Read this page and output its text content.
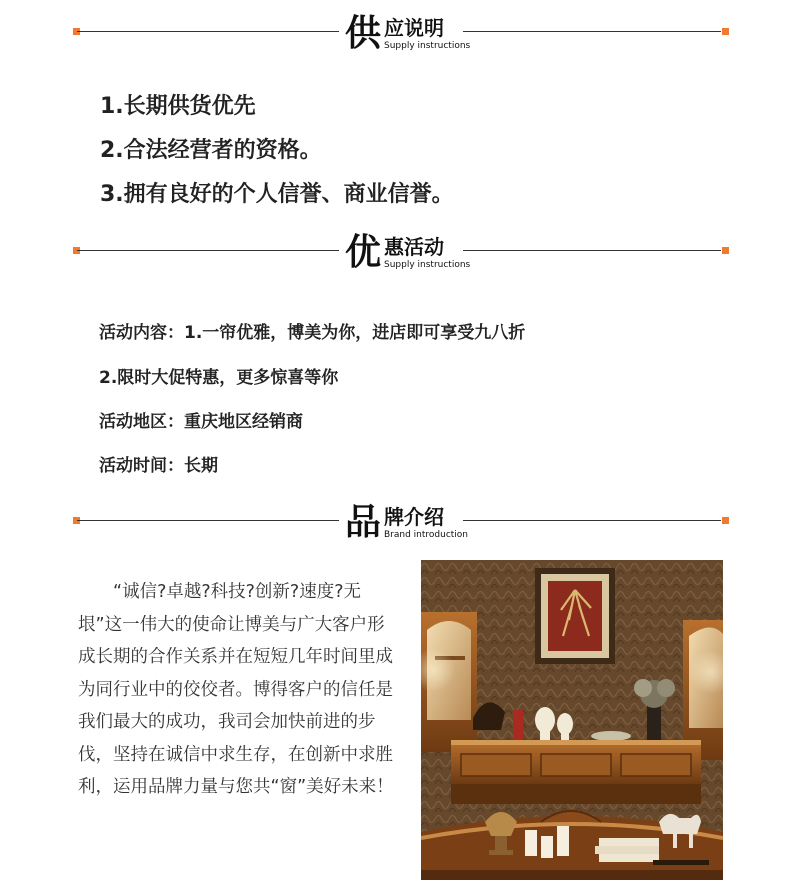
供 应说明
Supply instructions
1.长期供货优先
2.合法经营者的资格。
3.拥有良好的个人信誉、商业信誉。
优 惠活动
Supply instructions
活动内容：1.一帘优雅，博美为你，进店即可享受九八折
2.限时大促特惠，更多惊喜等你
活动地区：重庆地区经销商
活动时间：长期
品 牌介绍
Brand introduction

“诚信?卓越?科技?创新?速度?无垠”这一伟大的使命让博美与广大客户形成长期的合作关系并在短短几年时间里成为同行业中的佼佼者。博得客户的信任是我们最大的成功，我司会加快前进的步伐，坚持在诚信中求生存，在创新中求胜利，运用品牌力量与您共“窗”美好未来！
